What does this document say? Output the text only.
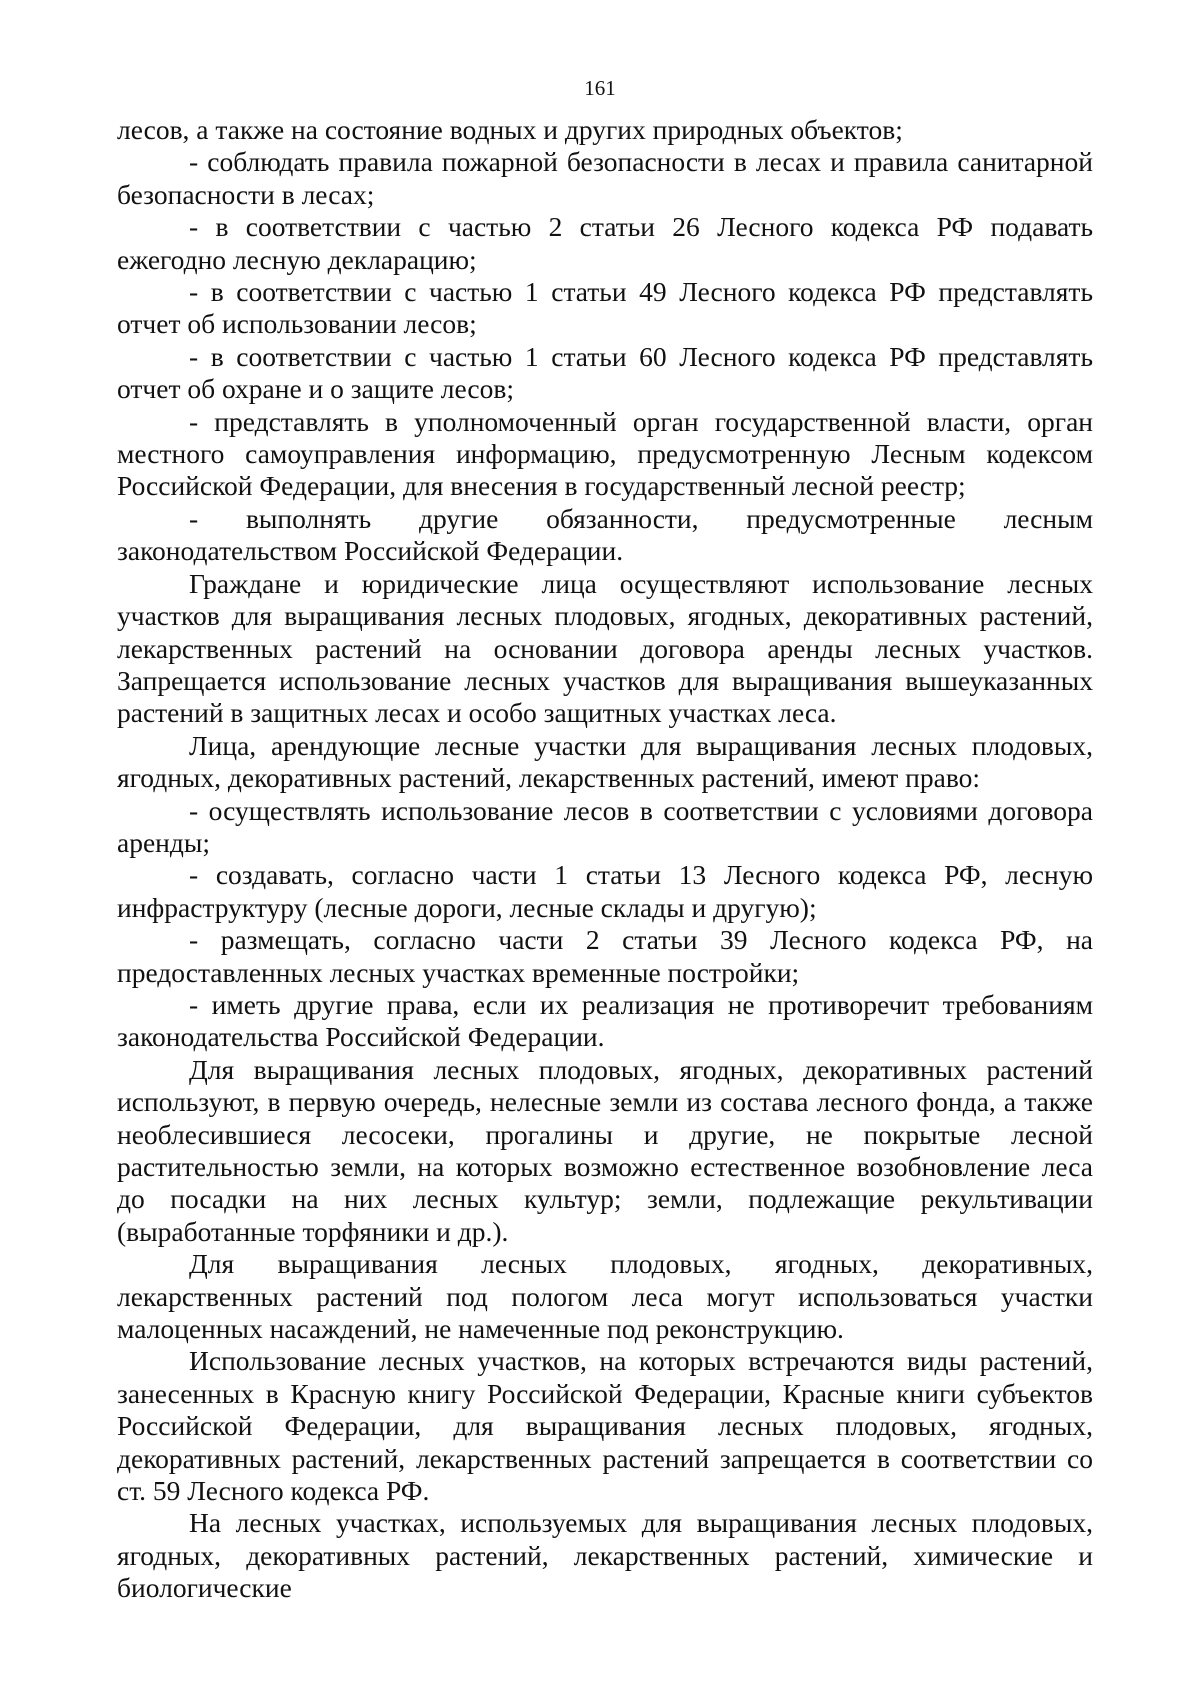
161

лесов, а также на состояние водных и других природных объектов;

- соблюдать правила пожарной безопасности в лесах и правила санитарной безопасности в лесах;

- в соответствии с частью 2 статьи 26 Лесного кодекса РФ подавать ежегодно лесную декларацию;

- в соответствии с частью 1 статьи 49 Лесного кодекса РФ представлять отчет об использовании лесов;

- в соответствии с частью 1 статьи 60 Лесного кодекса РФ представлять отчет об охране и о защите лесов;

- представлять в уполномоченный орган государственной власти, орган местного самоуправления информацию, предусмотренную Лесным кодексом Российской Федерации, для внесения в государственный лесной реестр;

- выполнять другие обязанности, предусмотренные лесным законодательством Российской Федерации.

Граждане и юридические лица осуществляют использование лесных участков для выращивания лесных плодовых, ягодных, декоративных растений, лекарственных растений на основании договора аренды лесных участков. Запрещается использование лесных участков для выращивания вышеуказанных растений в защитных лесах и особо защитных участках леса.

Лица, арендующие лесные участки для выращивания лесных плодовых, ягодных, декоративных растений, лекарственных растений, имеют право:

- осуществлять использование лесов в соответствии с условиями договора аренды;

- создавать, согласно части 1 статьи 13 Лесного кодекса РФ, лесную инфраструктуру (лесные дороги, лесные склады и другую);

- размещать, согласно части 2 статьи 39 Лесного кодекса РФ, на предоставленных лесных участках временные постройки;

- иметь другие права, если их реализация не противоречит требованиям законодательства Российской Федерации.

Для выращивания лесных плодовых, ягодных, декоративных растений используют, в первую очередь, нелесные земли из состава лесного фонда, а также необлесившиеся лесосеки, прогалины и другие, не покрытые лесной растительностью земли, на которых возможно естественное возобновление леса до посадки на них лесных культур; земли, подлежащие рекультивации (выработанные торфяники и др.).

Для выращивания лесных плодовых, ягодных, декоративных, лекарственных растений под пологом леса могут использоваться участки малоценных насаждений, не намеченные под реконструкцию.

Использование лесных участков, на которых встречаются виды растений, занесенных в Красную книгу Российской Федерации, Красные книги субъектов Российской Федерации, для выращивания лесных плодовых, ягодных, декоративных растений, лекарственных растений запрещается в соответствии со ст. 59 Лесного кодекса РФ.

На лесных участках, используемых для выращивания лесных плодовых, ягодных, декоративных растений, лекарственных растений, химические и биологические
